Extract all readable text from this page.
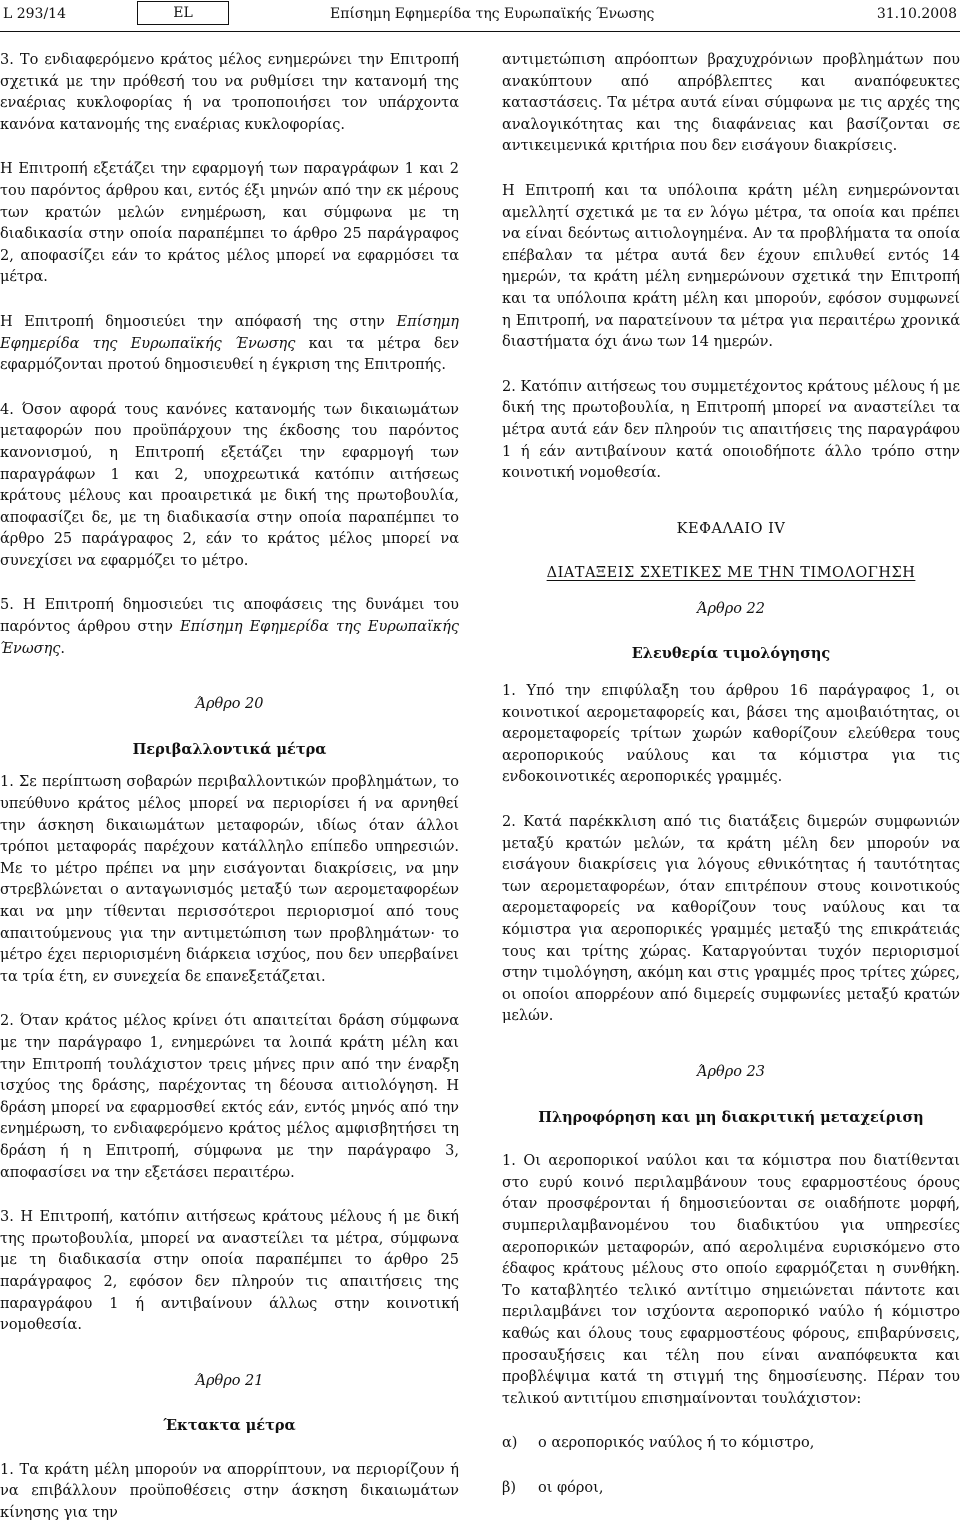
L 293/14	EL	Επίσημη Εφημερίδα της Ευρωπαϊκής Ένωσης	31.10.2008

3. Το ενδιαφερόμενο κράτος μέλος ενημερώνει την Επιτροπή σχετικά με την πρόθεσή του να ρυθμίσει την κατανομή της εναέριας κυκλοφορίας ή να τροποποιήσει τον υπάρχοντα κανόνα κατανομής της εναέριας κυκλοφορίας.

Η Επιτροπή εξετάζει την εφαρμογή των παραγράφων 1 και 2 του παρόντος άρθρου και, εντός έξι μηνών από την εκ μέρους των κρατών μελών ενημέρωση, και σύμφωνα με τη διαδικασία στην οποία παραπέμπει το άρθρο 25 παράγραφος 2, αποφασίζει εάν το κράτος μέλος μπορεί να εφαρμόσει τα μέτρα.

Η Επιτροπή δημοσιεύει την απόφασή της στην Επίσημη Εφημερίδα της Ευρωπαϊκής Ένωσης και τα μέτρα δεν εφαρμόζονται προτού δημοσιευθεί η έγκριση της Επιτροπής.

4. Όσον αφορά τους κανόνες κατανομής των δικαιωμάτων μεταφορών που προϋπάρχουν της έκδοσης του παρόντος κανονισμού, η Επιτροπή εξετάζει την εφαρμογή των παραγράφων 1 και 2, υποχρεωτικά κατόπιν αιτήσεως κράτους μέλους και προαιρετικά με δική της πρωτοβουλία, αποφασίζει δε, με τη διαδικασία στην οποία παραπέμπει το άρθρο 25 παράγραφος 2, εάν το κράτος μέλος μπορεί να συνεχίσει να εφαρμόζει το μέτρο.

5. Η Επιτροπή δημοσιεύει τις αποφάσεις της δυνάμει του παρόντος άρθρου στην Επίσημη Εφημερίδα της Ευρωπαϊκής Ένωσης.

Άρθρο 20

Περιβαλλοντικά μέτρα

1. Σε περίπτωση σοβαρών περιβαλλοντικών προβλημάτων, το υπεύθυνο κράτος μέλος μπορεί να περιορίσει ή να αρνηθεί την άσκηση δικαιωμάτων μεταφορών, ιδίως όταν άλλοι τρόποι μεταφοράς παρέχουν κατάλληλο επίπεδο υπηρεσιών. Με το μέτρο πρέπει να μην εισάγονται διακρίσεις, να μην στρεβλώνεται ο ανταγωνισμός μεταξύ των αερομεταφορέων και να μην τίθενται περισσότεροι περιορισμοί από τους απαιτούμενους για την αντιμετώπιση των προβλημάτων· το μέτρο έχει περιορισμένη διάρκεια ισχύος, που δεν υπερβαίνει τα τρία έτη, εν συνεχεία δε επανεξετάζεται.

2. Όταν κράτος μέλος κρίνει ότι απαιτείται δράση σύμφωνα με την παράγραφο 1, ενημερώνει τα λοιπά κράτη μέλη και την Επιτροπή τουλάχιστον τρεις μήνες πριν από την έναρξη ισχύος της δράσης, παρέχοντας τη δέουσα αιτιολόγηση. Η δράση μπορεί να εφαρμοσθεί εκτός εάν, εντός μηνός από την ενημέρωση, το ενδιαφερόμενο κράτος μέλος αμφισβητήσει τη δράση ή η Επιτροπή, σύμφωνα με την παράγραφο 3, αποφασίσει να την εξετάσει περαιτέρω.

3. Η Επιτροπή, κατόπιν αιτήσεως κράτους μέλους ή με δική της πρωτοβουλία, μπορεί να αναστείλει τα μέτρα, σύμφωνα με τη διαδικασία στην οποία παραπέμπει το άρθρο 25 παράγραφος 2, εφόσον δεν πληρούν τις απαιτήσεις της παραγράφου 1 ή αντιβαίνουν άλλως στην κοινοτική νομοθεσία.

Άρθρο 21

Έκτακτα μέτρα

1. Τα κράτη μέλη μπορούν να απορρίπτουν, να περιορίζουν ή να επιβάλλουν προϋποθέσεις στην άσκηση δικαιωμάτων κίνησης για την

αντιμετώπιση απρόοπτων βραχυχρόνιων προβλημάτων που ανακύπτουν από απρόβλεπτες και αναπόφευκτες καταστάσεις. Τα μέτρα αυτά είναι σύμφωνα με τις αρχές της αναλογικότητας και της διαφάνειας και βασίζονται σε αντικειμενικά κριτήρια που δεν εισάγουν διακρίσεις.

Η Επιτροπή και τα υπόλοιπα κράτη μέλη ενημερώνονται αμελλητί σχετικά με τα εν λόγω μέτρα, τα οποία και πρέπει να είναι δεόντως αιτιολογημένα. Αν τα προβλήματα τα οποία επέβαλαν τα μέτρα αυτά δεν έχουν επιλυθεί εντός 14 ημερών, τα κράτη μέλη ενημερώνουν σχετικά την Επιτροπή και τα υπόλοιπα κράτη μέλη και μπορούν, εφόσον συμφωνεί η Επιτροπή, να παρατείνουν τα μέτρα για περαιτέρω χρονικά διαστήματα όχι άνω των 14 ημερών.

2. Κατόπιν αιτήσεως του συμμετέχοντος κράτους μέλους ή με δική της πρωτοβουλία, η Επιτροπή μπορεί να αναστείλει τα μέτρα αυτά εάν δεν πληρούν τις απαιτήσεις της παραγράφου 1 ή εάν αντιβαίνουν κατά οποιοδήποτε άλλο τρόπο στην κοινοτική νομοθεσία.

ΚΕΦΑΛΑΙΟ IV

ΔΙΑΤΑΞΕΙΣ ΣΧΕΤΙΚΕΣ ΜΕ ΤΗΝ ΤΙΜΟΛΟΓΗΣΗ

Άρθρο 22

Ελευθερία τιμολόγησης

1. Υπό την επιφύλαξη του άρθρου 16 παράγραφος 1, οι κοινοτικοί αερομεταφορείς και, βάσει της αμοιβαιότητας, οι αερομεταφορείς τρίτων χωρών καθορίζουν ελεύθερα τους αεροπορικούς ναύλους και τα κόμιστρα για τις ενδοκοινοτικές αεροπορικές γραμμές.

2. Κατά παρέκκλιση από τις διατάξεις διμερών συμφωνιών μεταξύ κρατών μελών, τα κράτη μέλη δεν μπορούν να εισάγουν διακρίσεις για λόγους εθνικότητας ή ταυτότητας των αερομεταφορέων, όταν επιτρέπουν στους κοινοτικούς αερομεταφορείς να καθορίζουν τους ναύλους και τα κόμιστρα για αεροπορικές γραμμές μεταξύ της επικράτειάς τους και τρίτης χώρας. Καταργούνται τυχόν περιορισμοί στην τιμολόγηση, ακόμη και στις γραμμές προς τρίτες χώρες, οι οποίοι απορρέουν από διμερείς συμφωνίες μεταξύ κρατών μελών.

Άρθρο 23

Πληροφόρηση και μη διακριτική μεταχείριση

1. Οι αεροπορικοί ναύλοι και τα κόμιστρα που διατίθενται στο ευρύ κοινό περιλαμβάνουν τους εφαρμοστέους όρους όταν προσφέρονται ή δημοσιεύονται σε οιαδήποτε μορφή, συμπεριλαμβανομένου του διαδικτύου για υπηρεσίες αεροπορικών μεταφορών, από αερολιμένα ευρισκόμενο στο έδαφος κράτους μέλους στο οποίο εφαρμόζεται η συνθήκη. Το καταβλητέο τελικό αντίτιμο σημειώνεται πάντοτε και περιλαμβάνει τον ισχύοντα αεροπορικό ναύλο ή κόμιστρο καθώς και όλους τους εφαρμοστέους φόρους, επιβαρύνσεις, προσαυξήσεις και τέλη που είναι αναπόφευκτα και προβλέψιμα κατά τη στιγμή της δημοσίευσης. Πέραν του τελικού αντιτίμου επισημαίνονται τουλάχιστον:

α)	ο αεροπορικός ναύλος ή το κόμιστρο,
β)	οι φόροι,
